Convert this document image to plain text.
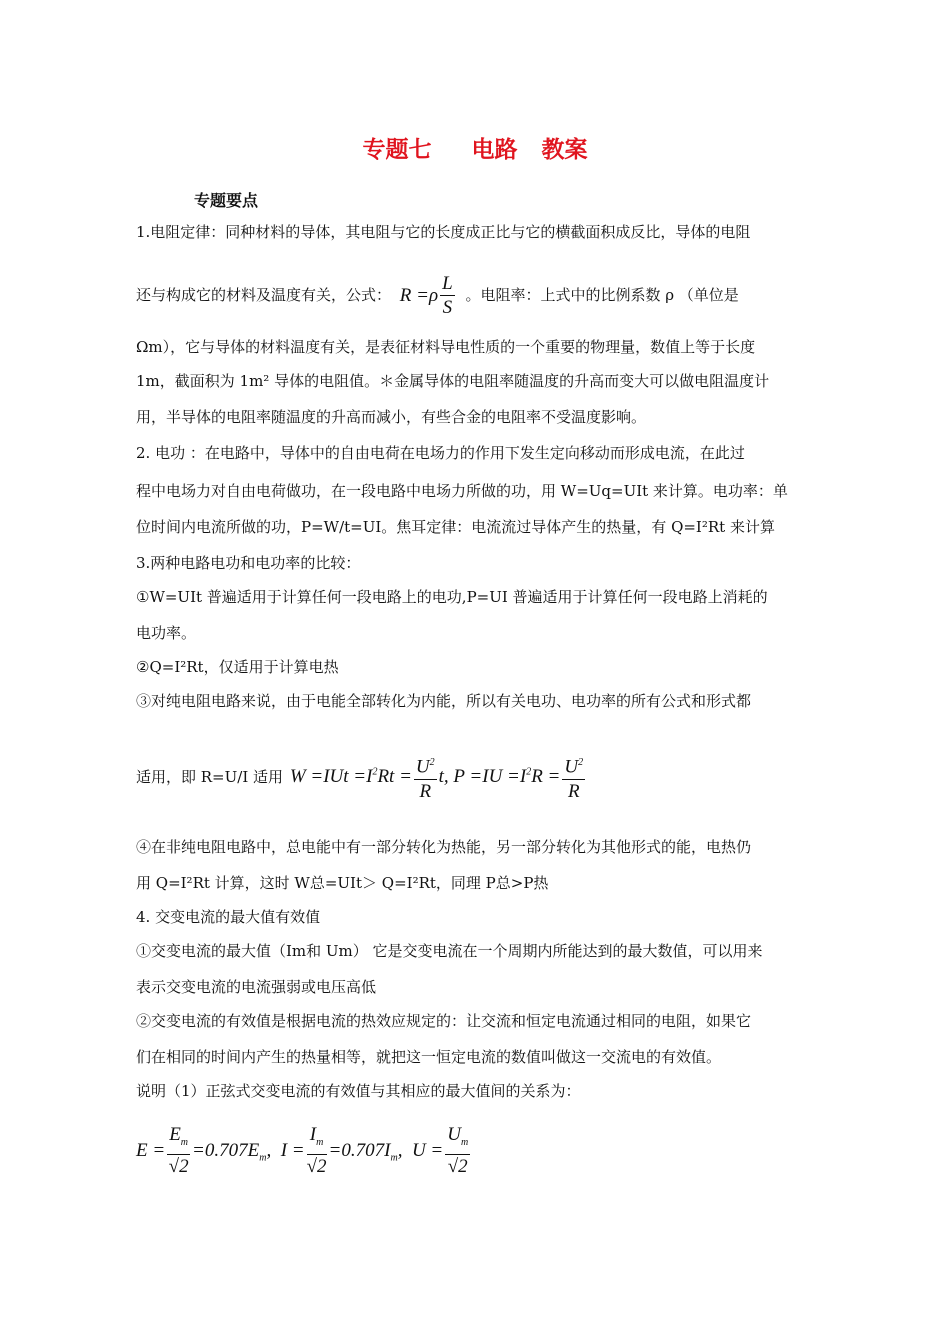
专题七     电路   教案
专题要点
1.电阻定律：同种材料的导体，其电阻与它的长度成正比与它的横截面积成反比，导体的电阻
还与构成它的材料及温度有关，公式： $R =\rho \frac{L}{S}$ 。电阻率：上式中的比例系数 ρ （单位是
Ωm），它与导体的材料温度有关，是表征材料导电性质的一个重要的物理量，数值上等于长度
1m，截面积为 1m² 导体的电阻值。＊金属导体的电阻率随温度的升高而变大可以做电阻温度计
用，半导体的电阻率随温度的升高而减小，有些合金的电阻率不受温度影响。
2. 电功 ：在电路中，导体中的自由电荷在电场力的作用下发生定向移动而形成电流，在此过
程中电场力对自由电荷做功，在一段电路中电场力所做的功，用 W=Uq=UIt 来计算。电功率：单
位时间内电流所做的功，P=W/t=UI。焦耳定律：电流流过导体产生的热量，有 Q=I²Rt 来计算
3.两种电路电功和电功率的比较：
①W=UIt 普遍适用于计算任何一段电路上的电功,P=UI 普遍适用于计算任何一段电路上消耗的
电功率。
②Q=I²Rt，仅适用于计算电热
③对纯电阻电路来说，由于电能全部转化为内能，所以有关电功、电功率的所有公式和形式都
适用，即 R=U/I 适用 $W =IUt =I^2Rt = \frac{U^2}{R} t$, $P =IU =I^2R = \frac{U^2}{R}$
④在非纯电阻电路中，总电能中有一部分转化为热能，另一部分转化为其他形式的能，电热仍
用 Q=I²Rt 计算，这时 W总=UIt＞ Q=I²Rt，同理 P总>P热
4. 交变电流的最大值有效值
①交变电流的最大值（Im和 Um） 它是交变电流在一个周期内所能达到的最大数值，可以用来
表示交变电流的电流强弱或电压高低
②交变电流的有效值是根据电流的热效应规定的：让交流和恒定电流通过相同的电阻，如果它
们在相同的时间内产生的热量相等，就把这一恒定电流的数值叫做这一交流电的有效值。
说明（1）正弦式交变电流的有效值与其相应的最大值间的关系为：
$E = \frac{E_m}{√2} =0.707E_m$,  $I = \frac{I_m}{√2} =0.707I_m$,  $U = \frac{U_m}{√2}$
